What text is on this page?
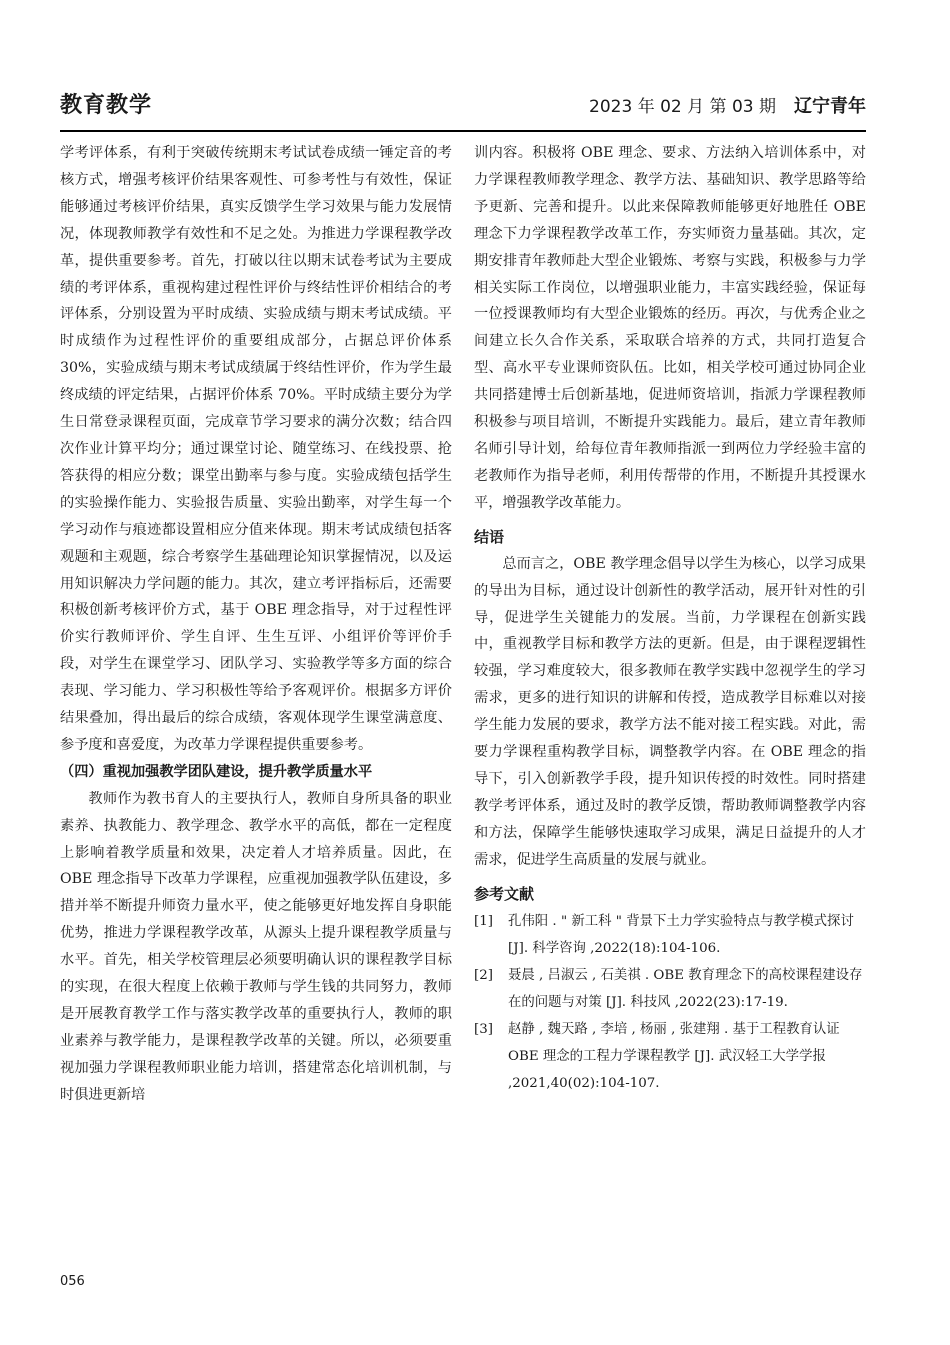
教育教学	2023 年 02 月 第 03 期 辽宁青年

学考评体系，有利于突破传统期末考试试卷成绩一锤定音的考核方式，增强考核评价结果客观性、可参考性与有效性，保证能够通过考核评价结果，真实反馈学生学习效果与能力发展情况，体现教师教学有效性和不足之处。为推进力学课程教学改革，提供重要参考。首先，打破以往以期末试卷考试为主要成绩的考评体系，重视构建过程性评价与终结性评价相结合的考评体系，分别设置为平时成绩、实验成绩与期末考试成绩。平时成绩作为过程性评价的重要组成部分，占据总评价体系 30%，实验成绩与期末考试成绩属于终结性评价，作为学生最终成绩的评定结果，占据评价体系 70%。平时成绩主要分为学生日常登录课程页面，完成章节学习要求的满分次数；结合四次作业计算平均分；通过课堂讨论、随堂练习、在线投票、抢答获得的相应分数；课堂出勤率与参与度。实验成绩包括学生的实验操作能力、实验报告质量、实验出勤率，对学生每一个学习动作与痕迹都设置相应分值来体现。期末考试成绩包括客观题和主观题，综合考察学生基础理论知识掌握情况，以及运用知识解决力学问题的能力。其次，建立考评指标后，还需要积极创新考核评价方式，基于 OBE 理念指导，对于过程性评价实行教师评价、学生自评、生生互评、小组评价等评价手段，对学生在课堂学习、团队学习、实验教学等多方面的综合表现、学习能力、学习积极性等给予客观评价。根据多方评价结果叠加，得出最后的综合成绩，客观体现学生课堂满意度、参予度和喜爱度，为改革力学课程提供重要参考。

（四）重视加强教学团队建设，提升教学质量水平

教师作为教书育人的主要执行人，教师自身所具备的职业素养、执教能力、教学理念、教学水平的高低，都在一定程度上影响着教学质量和效果，决定着人才培养质量。因此，在 OBE 理念指导下改革力学课程，应重视加强教学队伍建设，多措并举不断提升师资力量水平，使之能够更好地发挥自身职能优势，推进力学课程教学改革，从源头上提升课程教学质量与水平。首先，相关学校管理层必须要明确认识的课程教学目标的实现，在很大程度上依赖于教师与学生钱的共同努力，教师是开展教育教学工作与落实教学改革的重要执行人，教师的职业素养与教学能力，是课程教学改革的关键。所以，必须要重视加强力学课程教师职业能力培训，搭建常态化培训机制，与时俱进更新培

训内容。积极将 OBE 理念、要求、方法纳入培训体系中，对力学课程教师教学理念、教学方法、基础知识、教学思路等给予更新、完善和提升。以此来保障教师能够更好地胜任 OBE 理念下力学课程教学改革工作，夯实师资力量基础。其次，定期安排青年教师赴大型企业锻炼、考察与实践，积极参与力学相关实际工作岗位，以增强职业能力，丰富实践经验，保证每一位授课教师均有大型企业锻炼的经历。再次，与优秀企业之间建立长久合作关系，采取联合培养的方式，共同打造复合型、高水平专业课师资队伍。比如，相关学校可通过协同企业共同搭建博士后创新基地，促进师资培训，指派力学课程教师积极参与项目培训，不断提升实践能力。最后，建立青年教师名师引导计划，给每位青年教师指派一到两位力学经验丰富的老教师作为指导老师，利用传帮带的作用，不断提升其授课水平，增强教学改革能力。

结语

总而言之，OBE 教学理念倡导以学生为核心，以学习成果的导出为目标，通过设计创新性的教学活动，展开针对性的引导，促进学生关键能力的发展。当前，力学课程在创新实践中，重视教学目标和教学方法的更新。但是，由于课程逻辑性较强，学习难度较大，很多教师在教学实践中忽视学生的学习需求，更多的进行知识的讲解和传授，造成教学目标难以对接学生能力发展的要求，教学方法不能对接工程实践。对此，需要力学课程重构教学目标，调整教学内容。在 OBE 理念的指导下，引入创新教学手段，提升知识传授的时效性。同时搭建教学考评体系，通过及时的教学反馈，帮助教师调整教学内容和方法，保障学生能够快速取学习成果，满足日益提升的人才需求，促进学生高质量的发展与就业。

参考文献
[1]	孔伟阳 . " 新工科 " 背景下土力学实验特点与教学模式探讨 [J]. 科学咨询 ,2022(18):104-106.
[2]	聂晨 , 吕淑云 , 石美祺 . OBE 教育理念下的高校课程建设存在的问题与对策 [J]. 科技风 ,2022(23):17-19.
[3]	赵静 , 魏天路 , 李培 , 杨丽 , 张建翔 . 基于工程教育认证 OBE 理念的工程力学课程教学 [J]. 武汉轻工大学学报 ,2021,40(02):104-107.
056
